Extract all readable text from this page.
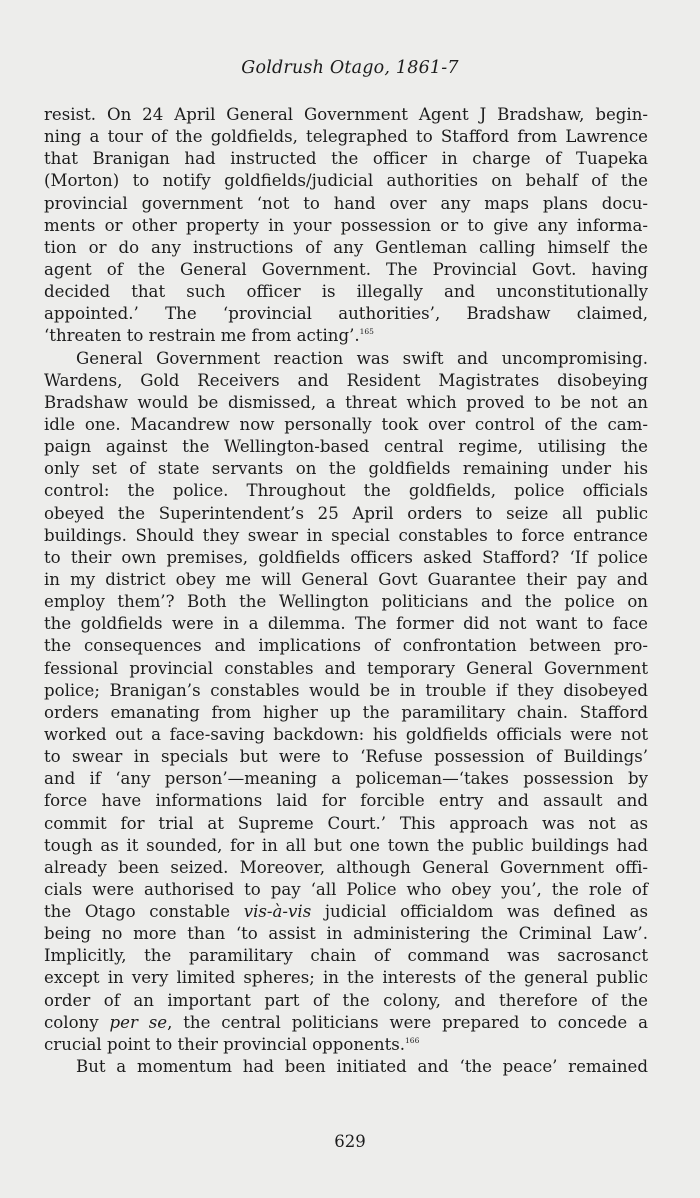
Goldrush Otago, 1861-7
resist. On 24 April General Government Agent J Bradshaw, begin-
ning a tour of the goldfields, telegraphed to Stafford from Lawrence
that Branigan had instructed the officer in charge of Tuapeka
(Morton) to notify goldfields/judicial authorities on behalf of the
provincial government ‘not to hand over any maps plans docu-
ments or other property in your possession or to give any informa-
tion or do any instructions of any Gentleman calling himself the
agent of the General Government. The Provincial Govt. having
decided that such officer is illegally and unconstitutionally
appointed.’ The ‘provincial authorities’, Bradshaw claimed,
‘threaten to restrain me from acting’.$^{165}$
General Government reaction was swift and uncompromising.
Wardens, Gold Receivers and Resident Magistrates disobeying
Bradshaw would be dismissed, a threat which proved to be not an
idle one. Macandrew now personally took over control of the cam-
paign against the Wellington-based central regime, utilising the
only set of state servants on the goldfields remaining under his
control: the police. Throughout the goldfields, police officials
obeyed the Superintendent’s 25 April orders to seize all public
buildings. Should they swear in special constables to force entrance
to their own premises, goldfields officers asked Stafford? ‘If police
in my district obey me will General Govt Guarantee their pay and
employ them’? Both the Wellington politicians and the police on
the goldfields were in a dilemma. The former did not want to face
the consequences and implications of confrontation between pro-
fessional provincial constables and temporary General Government
police; Branigan’s constables would be in trouble if they disobeyed
orders emanating from higher up the paramilitary chain. Stafford
worked out a face-saving backdown: his goldfields officials were not
to swear in specials but were to ‘Refuse possession of Buildings’
and if ‘any person’—meaning a policeman—‘takes possession by
force have informations laid for forcible entry and assault and
commit for trial at Supreme Court.’ This approach was not as
tough as it sounded, for in all but one town the public buildings had
already been seized. Moreover, although General Government offi-
cials were authorised to pay ‘all Police who obey you’, the role of
the Otago constable vis-à-vis judicial officialdom was defined as
being no more than ‘to assist in administering the Criminal Law’.
Implicitly, the paramilitary chain of command was sacrosanct
except in very limited spheres; in the interests of the general public
order of an important part of the colony, and therefore of the
colony per se, the central politicians were prepared to concede a
crucial point to their provincial opponents.$^{166}$
But a momentum had been initiated and ‘the peace’ remained
629
